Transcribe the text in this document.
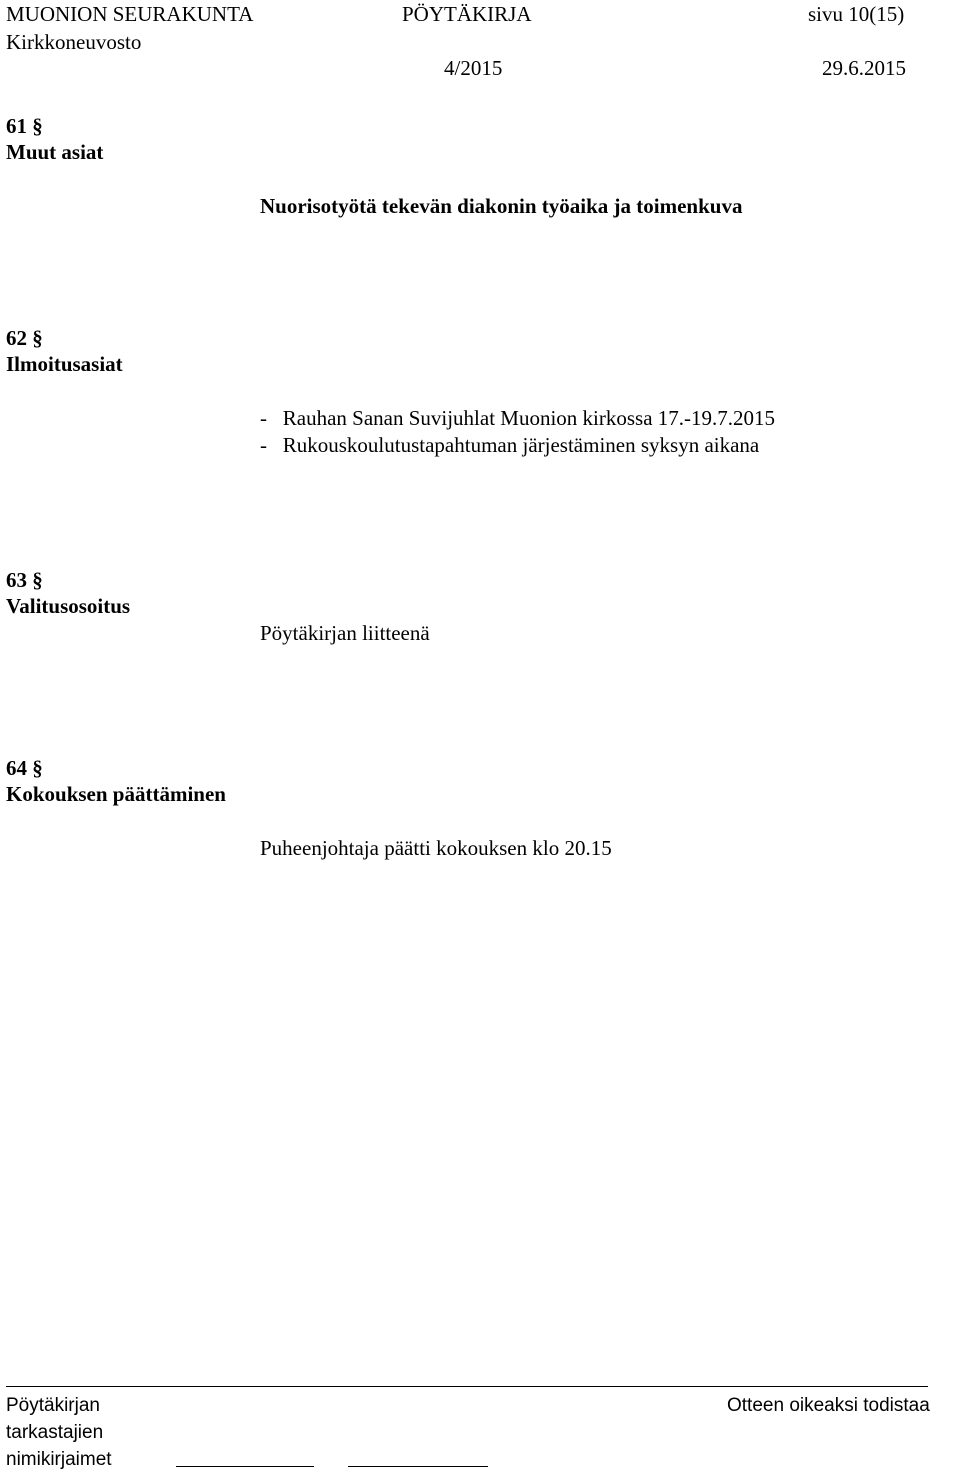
MUONION SEURAKUNTA	PÖYTÄKIRJA	sivu 10(15)
Kirkkoneuvosto
4/2015	29.6.2015
61 §
Muut asiat
Nuorisotyötä tekevän diakonin työaika ja toimenkuva
62 §
Ilmoitusasiat
-   Rauhan Sanan Suvijuhlat Muonion kirkossa 17.-19.7.2015
-   Rukouskoulutustapahtuman järjestäminen syksyn aikana
63 §
Valitusosoitus
Pöytäkirjan liitteenä
64 §
Kokouksen päättäminen
Puheenjohtaja päätti kokouksen klo 20.15
Pöytäkirjan
tarkastajien
nimikirjaimet
Otteen oikeaksi todistaa
